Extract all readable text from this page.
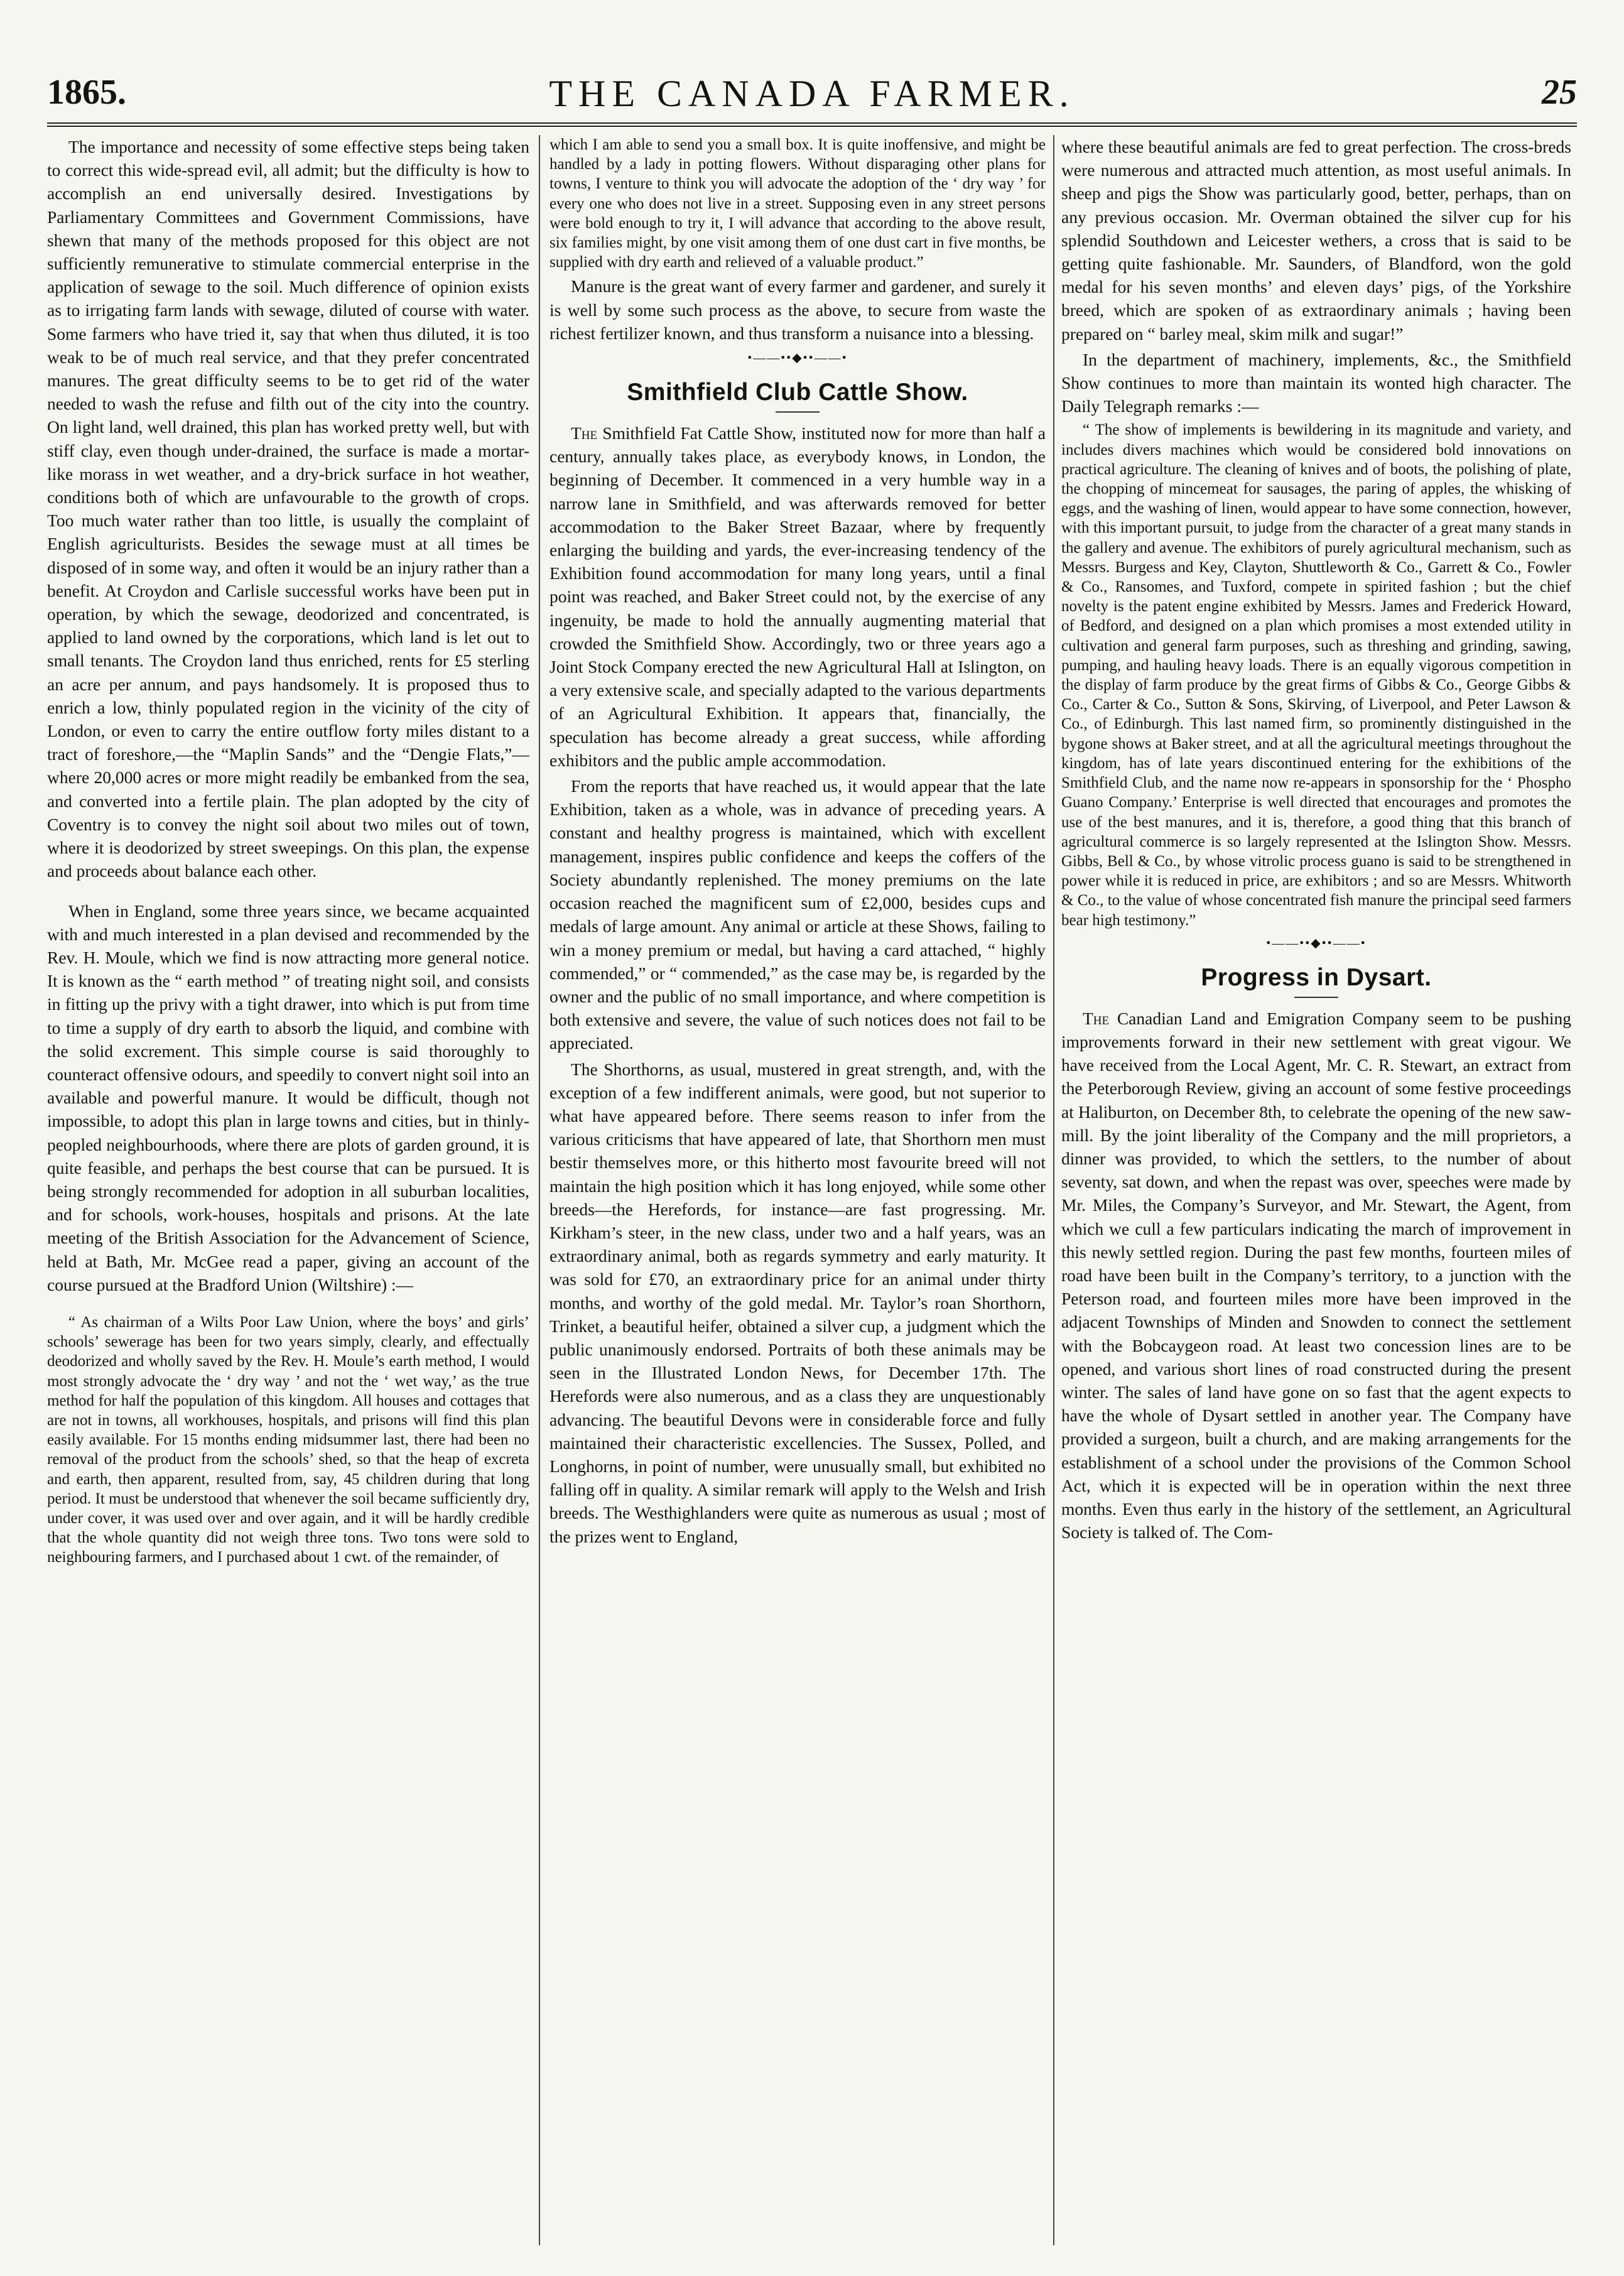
1865.	THE CANADA FARMER.	25

The importance and necessity of some effective steps being taken to correct this wide-spread evil, all admit; but the difficulty is how to accomplish an end universally desired. Investigations by Parliamentary Committees and Government Commissions, have shewn that many of the methods proposed for this object are not sufficiently remunerative to stimulate commercial enterprise in the application of sewage to the soil. Much difference of opinion exists as to irrigating farm lands with sewage, diluted of course with water. Some farmers who have tried it, say that when thus diluted, it is too weak to be of much real service, and that they prefer concentrated manures. The great difficulty seems to be to get rid of the water needed to wash the refuse and filth out of the city into the country. On light land, well drained, this plan has worked pretty well, but with stiff clay, even though under-drained, the surface is made a mortar-like morass in wet weather, and a dry-brick surface in hot weather, conditions both of which are unfavourable to the growth of crops. Too much water rather than too little, is usually the complaint of English agriculturists. Besides the sewage must at all times be disposed of in some way, and often it would be an injury rather than a benefit. At Croydon and Carlisle successful works have been put in operation, by which the sewage, deodorized and concentrated, is applied to land owned by the corporations, which land is let out to small tenants. The Croydon land thus enriched, rents for £5 sterling an acre per annum, and pays handsomely. It is proposed thus to enrich a low, thinly populated region in the vicinity of the city of London, or even to carry the entire outflow forty miles distant to a tract of foreshore,—the “Maplin Sands” and the “Dengie Flats,”—where 20,000 acres or more might readily be embanked from the sea, and converted into a fertile plain. The plan adopted by the city of Coventry is to convey the night soil about two miles out of town, where it is deodorized by street sweepings. On this plan, the expense and proceeds about balance each other.

When in England, some three years since, we became acquainted with and much interested in a plan devised and recommended by the Rev. H. Moule, which we find is now attracting more general notice. It is known as the “ earth method ” of treating night soil, and consists in fitting up the privy with a tight drawer, into which is put from time to time a supply of dry earth to absorb the liquid, and combine with the solid excrement. This simple course is said thoroughly to counteract offensive odours, and speedily to convert night soil into an available and powerful manure. It would be difficult, though not impossible, to adopt this plan in large towns and cities, but in thinly-peopled neighbourhoods, where there are plots of garden ground, it is quite feasible, and perhaps the best course that can be pursued. It is being strongly recommended for adoption in all suburban localities, and for schools, work-houses, hospitals and prisons. At the late meeting of the British Association for the Advancement of Science, held at Bath, Mr. McGee read a paper, giving an account of the course pursued at the Bradford Union (Wiltshire) :—

“ As chairman of a Wilts Poor Law Union, where the boys’ and girls’ schools’ sewerage has been for two years simply, clearly, and effectually deodorized and wholly saved by the Rev. H. Moule’s earth method, I would most strongly advocate the ‘ dry way ’ and not the ‘ wet way,’ as the true method for half the population of this kingdom. All houses and cottages that are not in towns, all workhouses, hospitals, and prisons will find this plan easily available. For 15 months ending midsummer last, there had been no removal of the product from the schools’ shed, so that the heap of excreta and earth, then apparent, resulted from, say, 45 children during that long period. It must be understood that whenever the soil became sufficiently dry, under cover, it was used over and over again, and it will be hardly credible that the whole quantity did not weigh three tons. Two tons were sold to neighbouring farmers, and I purchased about 1 cwt. of the remainder, of

which I am able to send you a small box. It is quite inoffensive, and might be handled by a lady in potting flowers. Without disparaging other plans for towns, I venture to think you will advocate the adoption of the ‘ dry way ’ for every one who does not live in a street. Supposing even in any street persons were bold enough to try it, I will advance that according to the above result, six families might, by one visit among them of one dust cart in five months, be supplied with dry earth and relieved of a valuable product.”

Manure is the great want of every farmer and gardener, and surely it is well by some such process as the above, to secure from waste the richest fertilizer known, and thus transform a nuisance into a blessing.

•——••◆••——•
Smithfield Club Cattle Show.

The Smithfield Fat Cattle Show, instituted now for more than half a century, annually takes place, as everybody knows, in London, the beginning of December. It commenced in a very humble way in a narrow lane in Smithfield, and was afterwards removed for better accommodation to the Baker Street Bazaar, where by frequently enlarging the building and yards, the ever-increasing tendency of the Exhibition found accommodation for many long years, until a final point was reached, and Baker Street could not, by the exercise of any ingenuity, be made to hold the annually augmenting material that crowded the Smithfield Show. Accordingly, two or three years ago a Joint Stock Company erected the new Agricultural Hall at Islington, on a very extensive scale, and specially adapted to the various departments of an Agricultural Exhibition. It appears that, financially, the speculation has become already a great success, while affording exhibitors and the public ample accommodation.

From the reports that have reached us, it would appear that the late Exhibition, taken as a whole, was in advance of preceding years. A constant and healthy progress is maintained, which with excellent management, inspires public confidence and keeps the coffers of the Society abundantly replenished. The money premiums on the late occasion reached the magnificent sum of £2,000, besides cups and medals of large amount. Any animal or article at these Shows, failing to win a money premium or medal, but having a card attached, “ highly commended,” or “ commended,” as the case may be, is regarded by the owner and the public of no small importance, and where competition is both extensive and severe, the value of such notices does not fail to be appreciated.

The Shorthorns, as usual, mustered in great strength, and, with the exception of a few indifferent animals, were good, but not superior to what have appeared before. There seems reason to infer from the various criticisms that have appeared of late, that Shorthorn men must bestir themselves more, or this hitherto most favourite breed will not maintain the high position which it has long enjoyed, while some other breeds—the Herefords, for instance—are fast progressing. Mr. Kirkham’s steer, in the new class, under two and a half years, was an extraordinary animal, both as regards symmetry and early maturity. It was sold for £70, an extraordinary price for an animal under thirty months, and worthy of the gold medal. Mr. Taylor’s roan Shorthorn, Trinket, a beautiful heifer, obtained a silver cup, a judgment which the public unanimously endorsed. Portraits of both these animals may be seen in the Illustrated London News, for December 17th. The Herefords were also numerous, and as a class they are unquestionably advancing. The beautiful Devons were in considerable force and fully maintained their characteristic excellencies. The Sussex, Polled, and Longhorns, in point of number, were unusually small, but exhibited no falling off in quality. A similar remark will apply to the Welsh and Irish breeds. The Westhighlanders were quite as numerous as usual ; most of the prizes went to England,

where these beautiful animals are fed to great perfection. The cross-breds were numerous and attracted much attention, as most useful animals. In sheep and pigs the Show was particularly good, better, perhaps, than on any previous occasion. Mr. Overman obtained the silver cup for his splendid Southdown and Leicester wethers, a cross that is said to be getting quite fashionable. Mr. Saunders, of Blandford, won the gold medal for his seven months’ and eleven days’ pigs, of the Yorkshire breed, which are spoken of as extraordinary animals ; having been prepared on “ barley meal, skim milk and sugar!”

In the department of machinery, implements, &c., the Smithfield Show continues to more than maintain its wonted high character. The Daily Telegraph remarks :—

“ The show of implements is bewildering in its magnitude and variety, and includes divers machines which would be considered bold innovations on practical agriculture. The cleaning of knives and of boots, the polishing of plate, the chopping of mincemeat for sausages, the paring of apples, the whisking of eggs, and the washing of linen, would appear to have some connection, however, with this important pursuit, to judge from the character of a great many stands in the gallery and avenue. The exhibitors of purely agricultural mechanism, such as Messrs. Burgess and Key, Clayton, Shuttleworth & Co., Garrett & Co., Fowler & Co., Ransomes, and Tuxford, compete in spirited fashion ; but the chief novelty is the patent engine exhibited by Messrs. James and Frederick Howard, of Bedford, and designed on a plan which promises a most extended utility in cultivation and general farm purposes, such as threshing and grinding, sawing, pumping, and hauling heavy loads. There is an equally vigorous competition in the display of farm produce by the great firms of Gibbs & Co., George Gibbs & Co., Carter & Co., Sutton & Sons, Skirving, of Liverpool, and Peter Lawson & Co., of Edinburgh. This last named firm, so prominently distinguished in the bygone shows at Baker street, and at all the agricultural meetings throughout the kingdom, has of late years discontinued entering for the exhibitions of the Smithfield Club, and the name now re-appears in sponsorship for the ‘ Phospho Guano Company.’ Enterprise is well directed that encourages and promotes the use of the best manures, and it is, therefore, a good thing that this branch of agricultural commerce is so largely represented at the Islington Show. Messrs. Gibbs, Bell & Co., by whose vitrolic process guano is said to be strengthened in power while it is reduced in price, are exhibitors ; and so are Messrs. Whitworth & Co., to the value of whose concentrated fish manure the principal seed farmers bear high testimony.”

•——••◆••——•
Progress in Dysart.

The Canadian Land and Emigration Company seem to be pushing improvements forward in their new settlement with great vigour. We have received from the Local Agent, Mr. C. R. Stewart, an extract from the Peterborough Review, giving an account of some festive proceedings at Haliburton, on December 8th, to celebrate the opening of the new saw-mill. By the joint liberality of the Company and the mill proprietors, a dinner was provided, to which the settlers, to the number of about seventy, sat down, and when the repast was over, speeches were made by Mr. Miles, the Company’s Surveyor, and Mr. Stewart, the Agent, from which we cull a few particulars indicating the march of improvement in this newly settled region. During the past few months, fourteen miles of road have been built in the Company’s territory, to a junction with the Peterson road, and fourteen miles more have been improved in the adjacent Townships of Minden and Snowden to connect the settlement with the Bobcaygeon road. At least two concession lines are to be opened, and various short lines of road constructed during the present winter. The sales of land have gone on so fast that the agent expects to have the whole of Dysart settled in another year. The Company have provided a surgeon, built a church, and are making arrangements for the establishment of a school under the provisions of the Common School Act, which it is expected will be in operation within the next three months. Even thus early in the history of the settlement, an Agricultural Society is talked of. The Com-
